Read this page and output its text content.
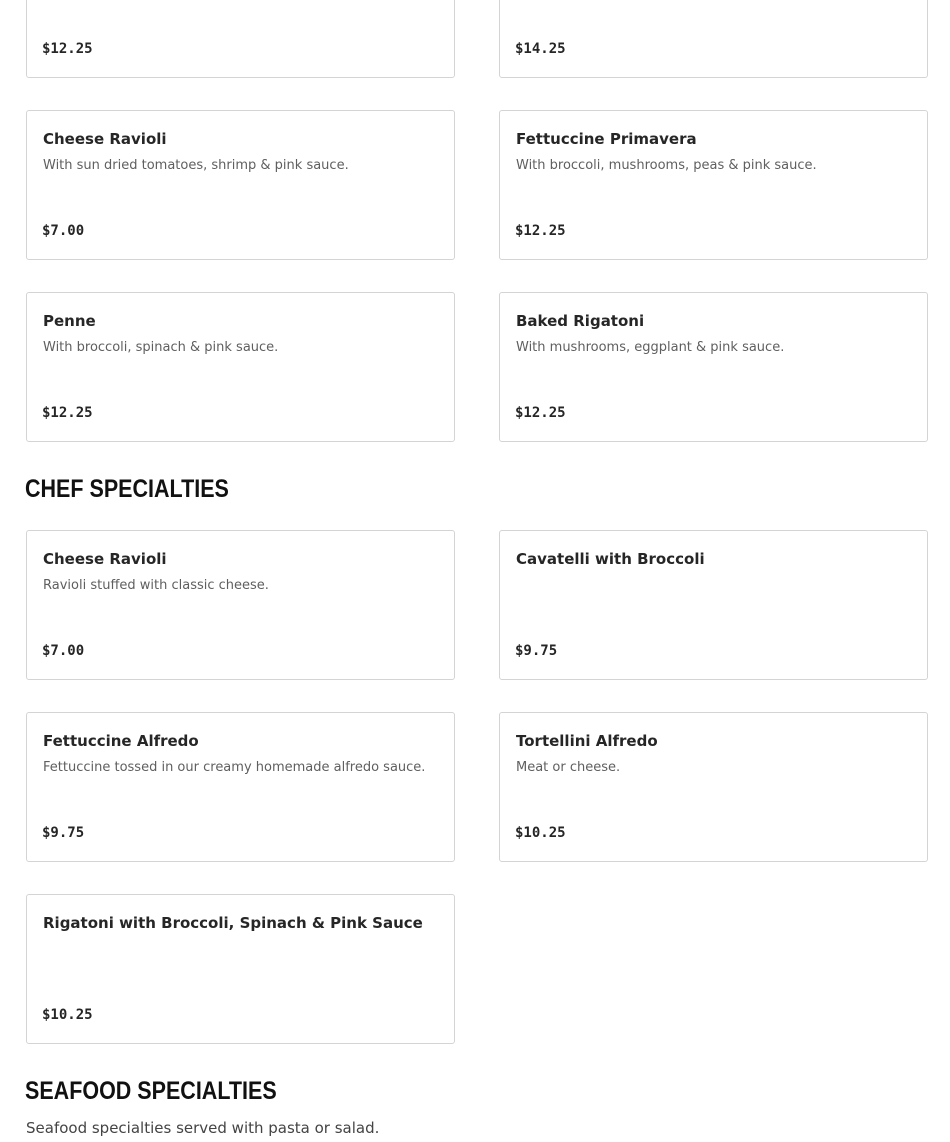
$12.25	$14.25
Cheese Ravioli
With sun dried tomatoes, shrimp & pink sauce.
$7.00
Fettuccine Primavera
With broccoli, mushrooms, peas & pink sauce.
$12.25
Penne
With broccoli, spinach & pink sauce.
$12.25
Baked Rigatoni
With mushrooms, eggplant & pink sauce.
$12.25
CHEF SPECIALTIES
Cheese Ravioli
Ravioli stuffed with classic cheese.
$7.00
Cavatelli with Broccoli
$9.75
Fettuccine Alfredo
Fettuccine tossed in our creamy homemade alfredo sauce.
$9.75
Tortellini Alfredo
Meat or cheese.
$10.25
Rigatoni with Broccoli, Spinach & Pink Sauce
$10.25
SEAFOOD SPECIALTIES
Seafood specialties served with pasta or salad.
